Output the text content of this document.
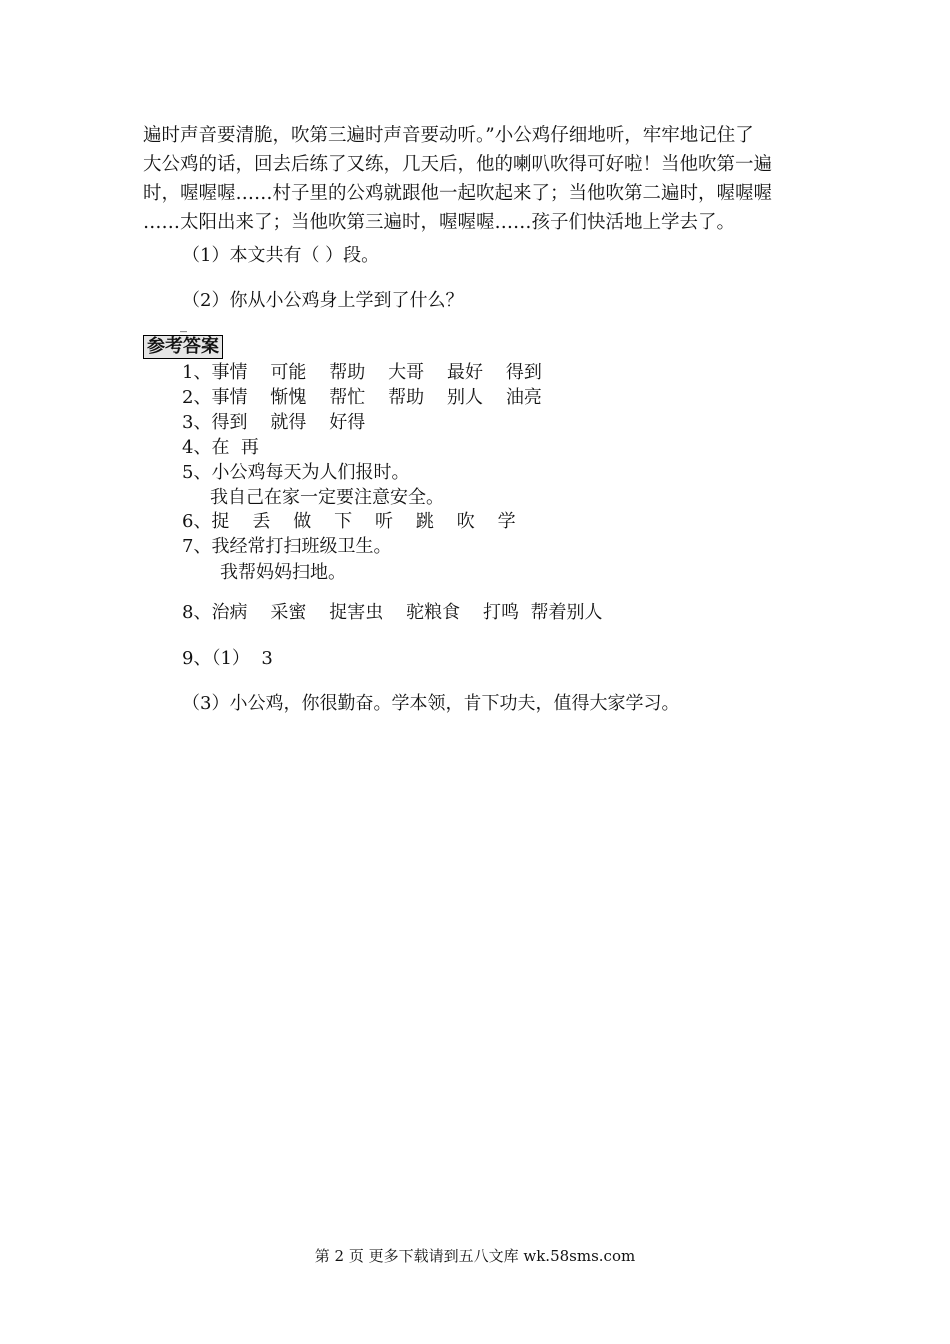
遍时声音要清脆，吹第三遍时声音要动听。”小公鸡仔细地听，牢牢地记住了
大公鸡的话，回去后练了又练，几天后，他的喇叭吹得可好啦！当他吹第一遍
时，喔喔喔……村子里的公鸡就跟他一起吹起来了；当他吹第二遍时，喔喔喔
……太阳出来了；当他吹第三遍时，喔喔喔……孩子们快活地上学去了。
（1）本文共有（ ）段。
（2）你从小公鸡身上学到了什么？
_
参考答案
1、事情    可能    帮助    大哥    最好    得到
2、事情    惭愧    帮忙    帮助    别人    油亮
3、得到    就得    好得
4、在  再
5、小公鸡每天为人们报时。
我自己在家一定要注意安全。
6、捉    丢    做    下    听    跳    吹    学
7、我经常打扫班级卫生。
我帮妈妈扫地。
8、治病    采蜜    捉害虫    驼粮食    打鸣  帮着别人
9、（1）  3
（3）小公鸡，你很勤奋。学本领，肯下功夫，值得大家学习。
第 2 页 更多下载请到五八文库 wk.58sms.com
